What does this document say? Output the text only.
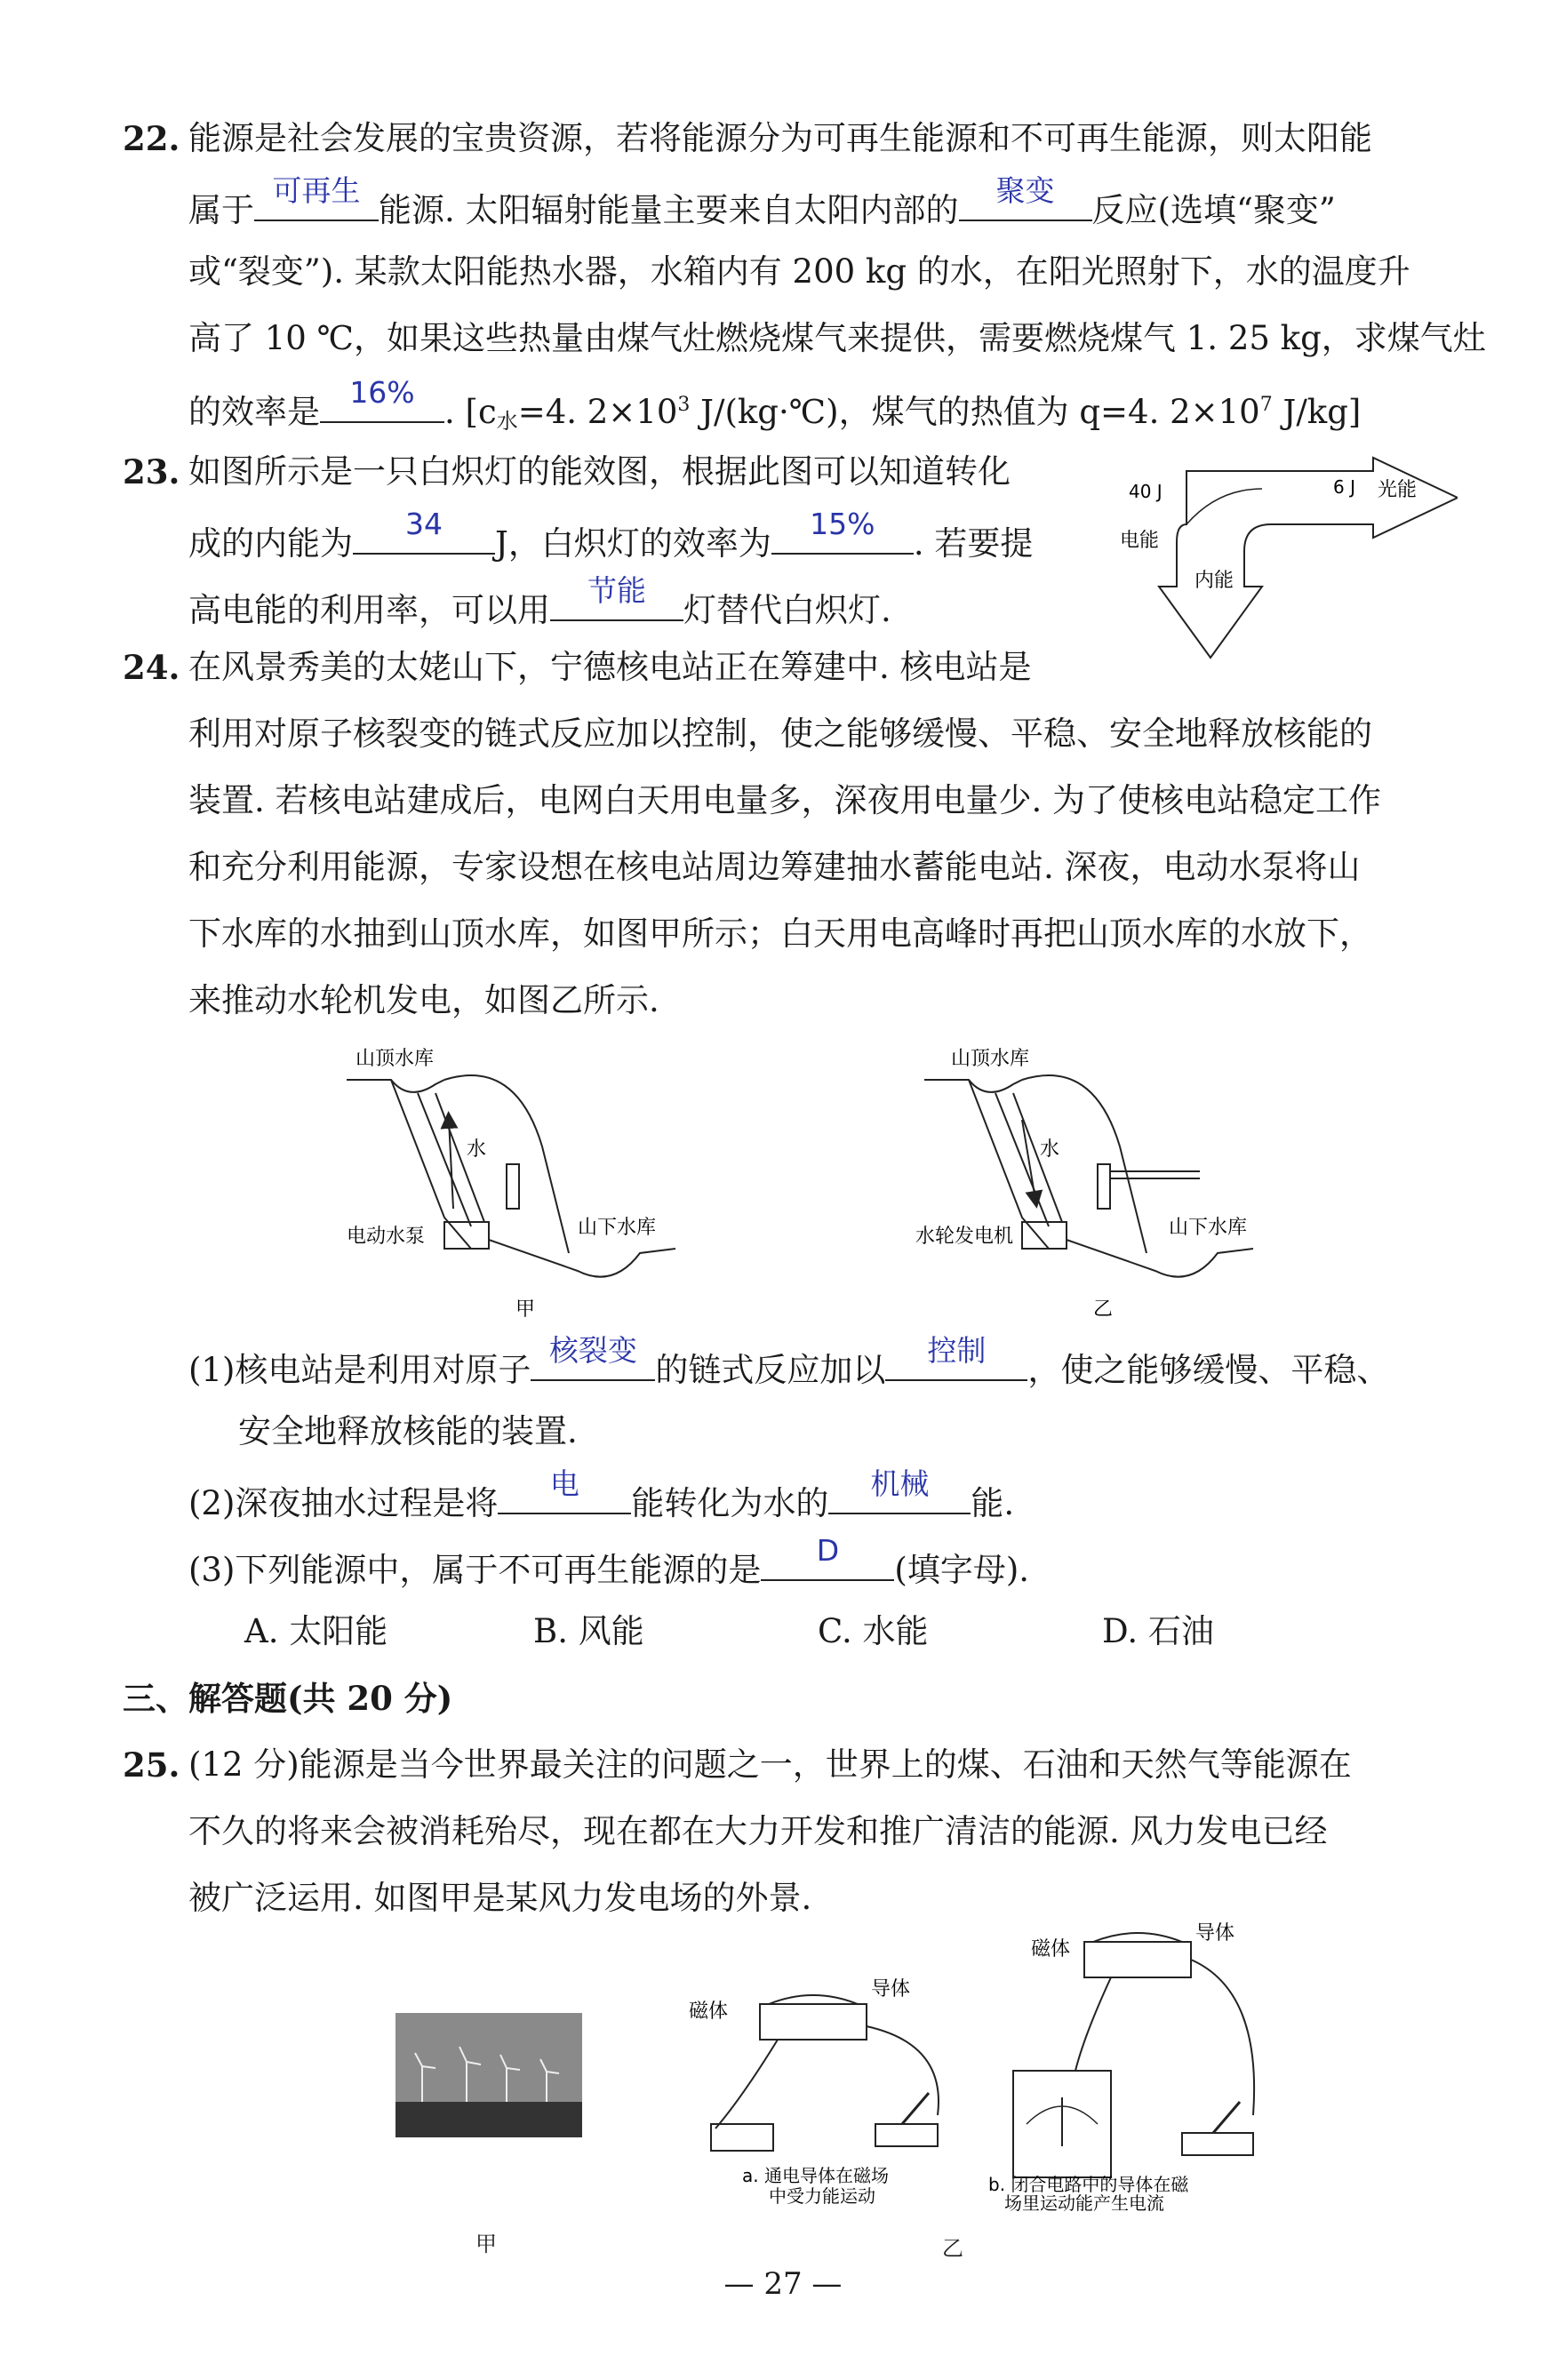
22. 能源是社会发展的宝贵资源，若将能源分为可再生能源和不可再生能源，则太阳能
属于
可再生
能源. 太阳辐射能量主要来自太阳内部的
聚变
反应(选填“聚变”
或“裂变”). 某款太阳能热水器，水箱内有 200 kg 的水，在阳光照射下，水的温度升
高了 10 ℃，如果这些热量由煤气灶燃烧煤气来提供，需要燃烧煤气 1. 25 kg，求煤气灶
的效率是
16%
. [$c_水=4$. $2\times 10^3$ J/(kg·℃)，煤气的热值为 q=4. $2\times 10^7$ J/kg]
23. 如图所示是一只白炽灯的能效图，根据此图可以知道转化
成的内能为
34
J，白炽灯的效率为
15%
. 若要提
高电能的利用率，可以用
节能
灯替代白炽灯.
40 J
电能
6 J 光能
内能
24. 在风景秀美的太姥山下，宁德核电站正在筹建中. 核电站是
利用对原子核裂变的链式反应加以控制，使之能够缓慢、平稳、安全地释放核能的
装置. 若核电站建成后，电网白天用电量多，深夜用电量少. 为了使核电站稳定工作
和充分利用能源，专家设想在核电站周边筹建抽水蓄能电站. 深夜，电动水泵将山
下水库的水抽到山顶水库，如图甲所示；白天用电高峰时再把山顶水库的水放下，
来推动水轮机发电，如图乙所示.
山顶水库
水
电动水泵	山下水库
甲
山顶水库
水
水轮发电机	山下水库
乙
(1)核电站是利用对原子
核裂变
的链式反应加以
控制
，使之能够缓慢、平稳、
安全地释放核能的装置.
(2)深夜抽水过程是将
电
能转化为水的
机械
能.
(3)下列能源中，属于不可再生能源的是
D
(填字母).
A. 太阳能	B. 风能	C. 水能	D. 石油
三、解答题(共 20 分)
25. (12 分)能源是当今世界最关注的问题之一，世界上的煤、石油和天然气等能源在
不久的将来会被消耗殆尽，现在都在大力开发和推广清洁的能源. 风力发电已经
被广泛运用. 如图甲是某风力发电场的外景.
甲
磁体
导体
a. 通电导体在磁场
中受力能运动
磁体
导体
b. 闭合电路中的导体在磁
场里运动能产生电流
乙
— 27 —
